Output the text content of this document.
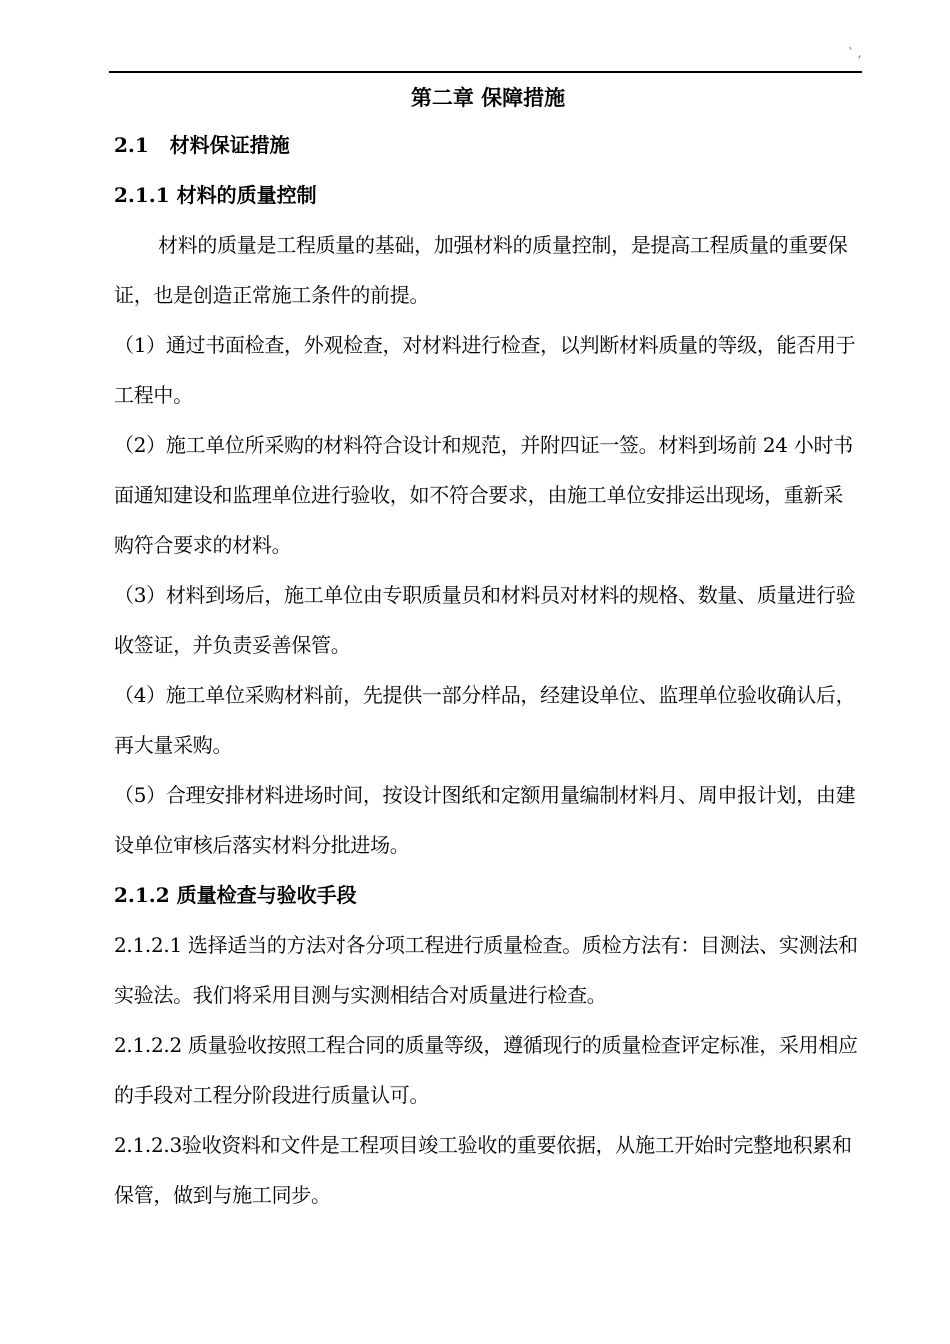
` ,
第二章 保障措施
2.1   材料保证措施
2.1.1 材料的质量控制

材料的质量是工程质量的基础，加强材料的质量控制，是提高工程质量的重要保证，也是创造正常施工条件的前提。

（1）通过书面检查，外观检查，对材料进行检查，以判断材料质量的等级，能否用于工程中。

（2）施工单位所采购的材料符合设计和规范，并附四证一签。材料到场前 24 小时书面通知建设和监理单位进行验收，如不符合要求，由施工单位安排运出现场，重新采购符合要求的材料。

（3）材料到场后，施工单位由专职质量员和材料员对材料的规格、数量、质量进行验收签证，并负责妥善保管。

（4）施工单位采购材料前，先提供一部分样品，经建设单位、监理单位验收确认后，再大量采购。

（5）合理安排材料进场时间，按设计图纸和定额用量编制材料月、周申报计划，由建设单位审核后落实材料分批进场。

2.1.2 质量检查与验收手段

2.1.2.1 选择适当的方法对各分项工程进行质量检查。质检方法有：目测法、实测法和实验法。我们将采用目测与实测相结合对质量进行检查。

2.1.2.2 质量验收按照工程合同的质量等级，遵循现行的质量检查评定标准，采用相应的手段对工程分阶段进行质量认可。

2.1.2.3验收资料和文件是工程项目竣工验收的重要依据，从施工开始时完整地积累和保管，做到与施工同步。
